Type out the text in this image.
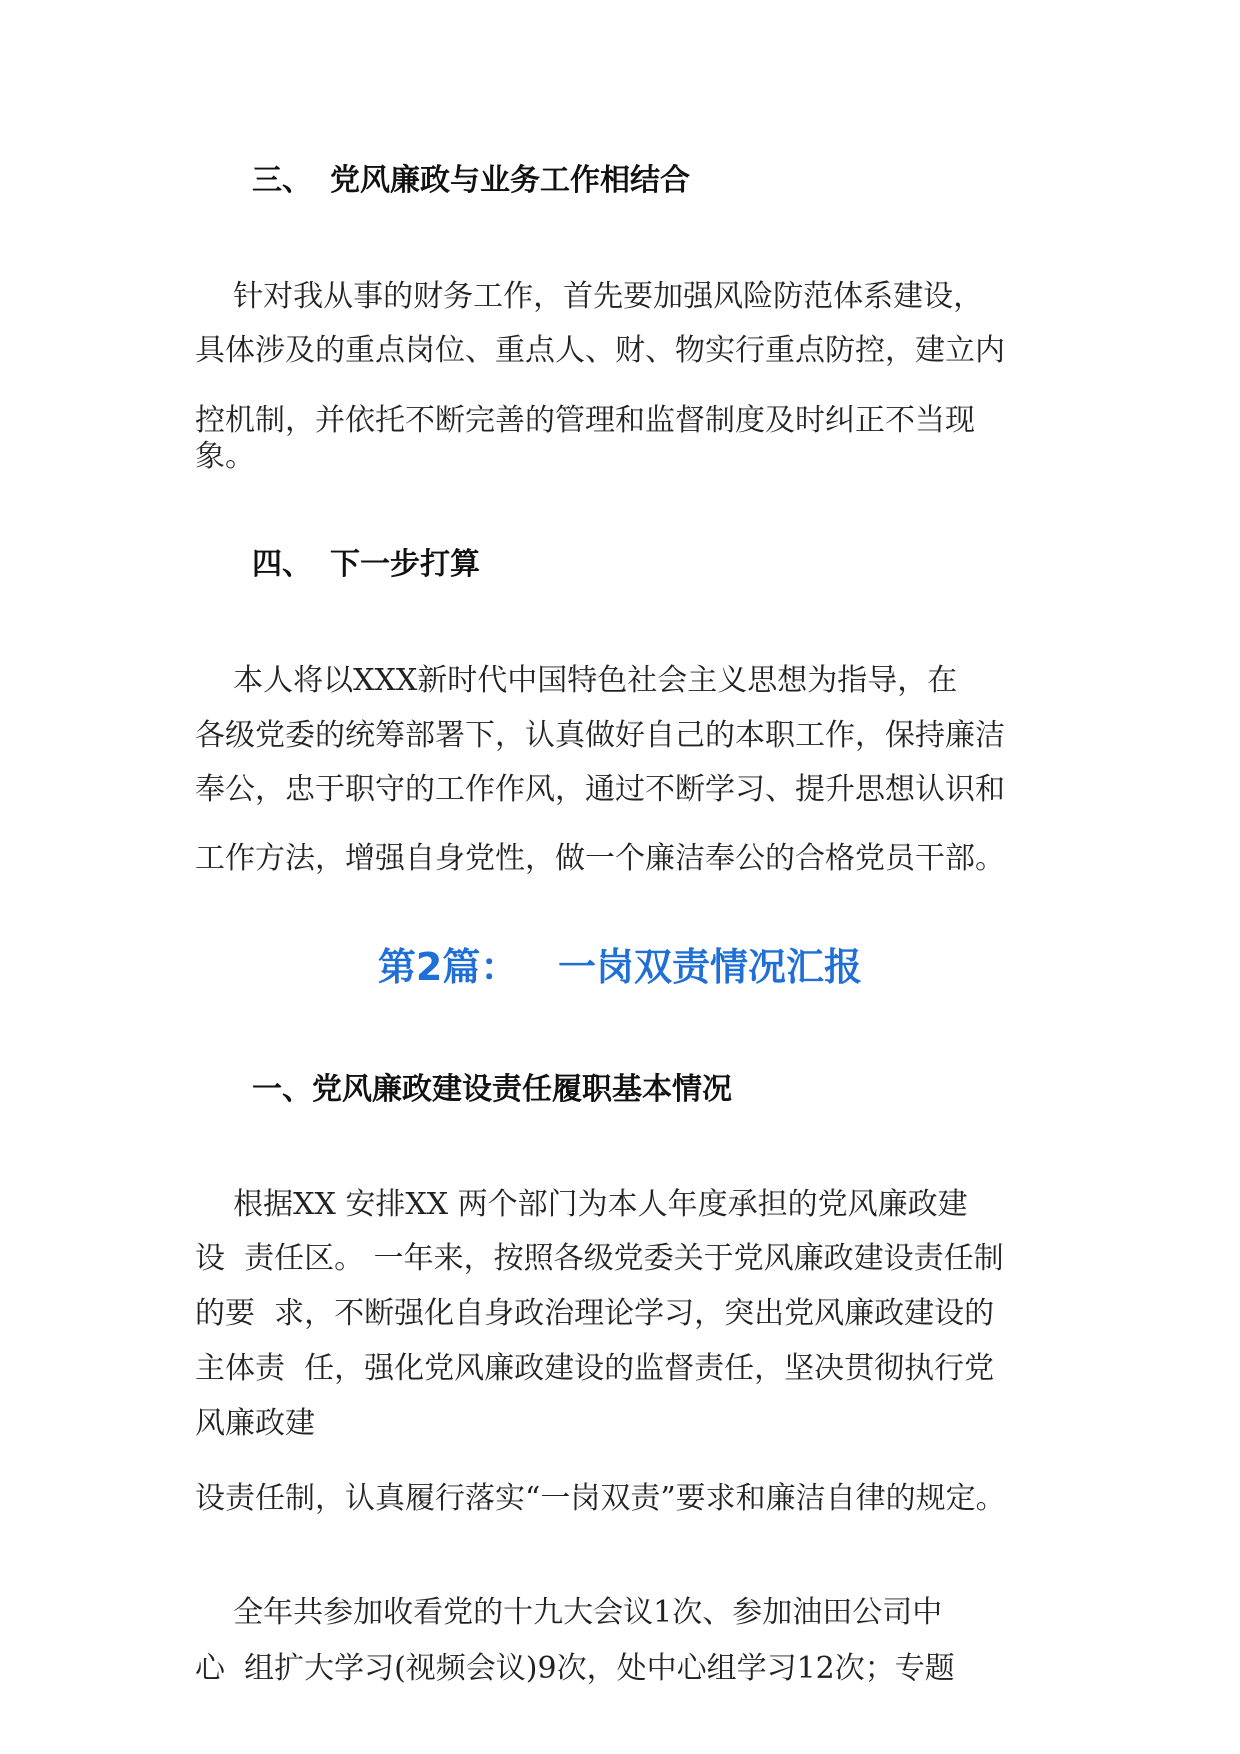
三、 党风廉政与业务工作相结合
针对我从事的财务工作，首先要加强风险防范体系建设，
具体涉及的重点岗位、重点人、财、物实行重点防控，建立内
控机制，并依托不断完善的管理和监督制度及时纠正不当现
象。
四、 下一步打算
本人将以XXX新时代中国特色社会主义思想为指导，在
各级党委的统筹部署下，认真做好自己的本职工作，保持廉洁
奉公，忠于职守的工作作风，通过不断学习、提升思想认识和
工作方法，增强自身党性，做一个廉洁奉公的合格党员干部。
第2篇：   一岗双责情况汇报
一、党风廉政建设责任履职基本情况
根据XX 安排XX 两个部门为本人年度承担的党风廉政建
设  责任区。 一年来，按照各级党委关于党风廉政建设责任制
的要  求，不断强化自身政治理论学习，突出党风廉政建设的
主体责  任，强化党风廉政建设的监督责任，坚决贯彻执行党
风廉政建
设责任制，认真履行落实“一岗双责”要求和廉洁自律的规定。
全年共参加收看党的十九大会议1次、参加油田公司中
心  组扩大学习(视频会议)9次，处中心组学习12次；专题
